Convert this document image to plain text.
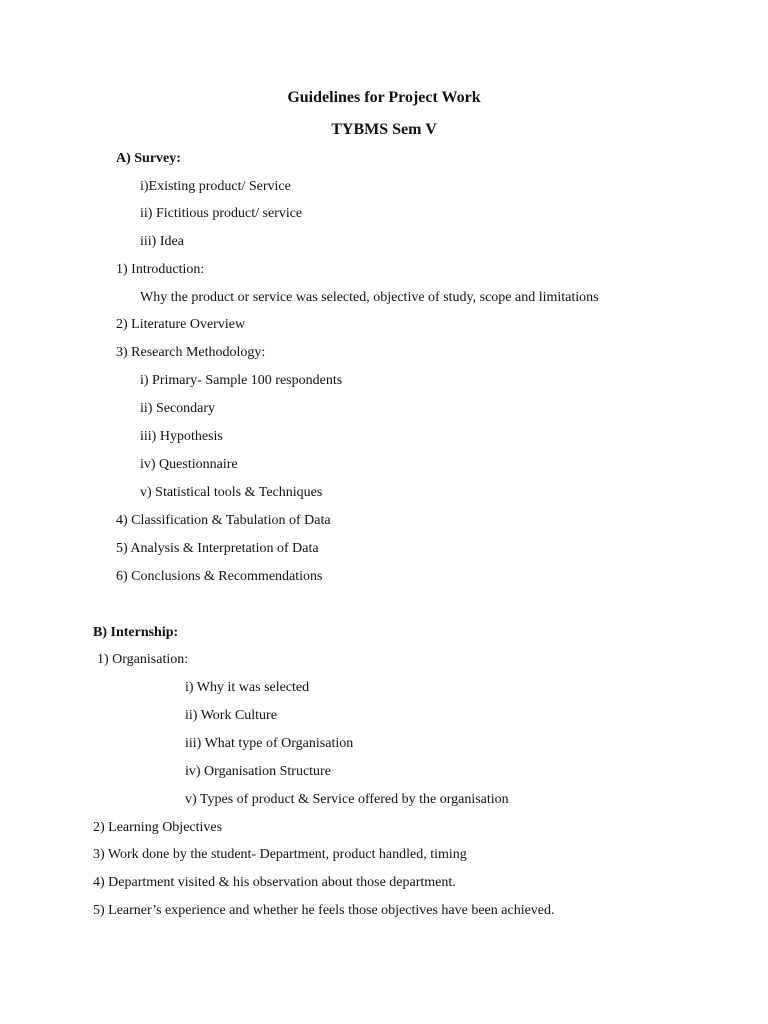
Guidelines for Project Work
TYBMS Sem V
A) Survey:
i)Existing product/ Service
ii) Fictitious product/ service
iii) Idea
1) Introduction:
Why the product or service was selected, objective of study, scope and limitations
2) Literature Overview
3) Research Methodology:
i) Primary- Sample 100 respondents
ii) Secondary
iii) Hypothesis
iv) Questionnaire
v) Statistical tools & Techniques
4) Classification & Tabulation of Data
5) Analysis & Interpretation of Data
6) Conclusions & Recommendations
B) Internship:
1) Organisation:
i) Why it was selected
ii) Work Culture
iii) What type of Organisation
iv) Organisation Structure
v) Types of product & Service offered by the organisation
2) Learning Objectives
3) Work done by the student- Department, product handled, timing
4) Department visited & his observation about those department.
5) Learner’s experience and whether he feels those objectives have been achieved.
